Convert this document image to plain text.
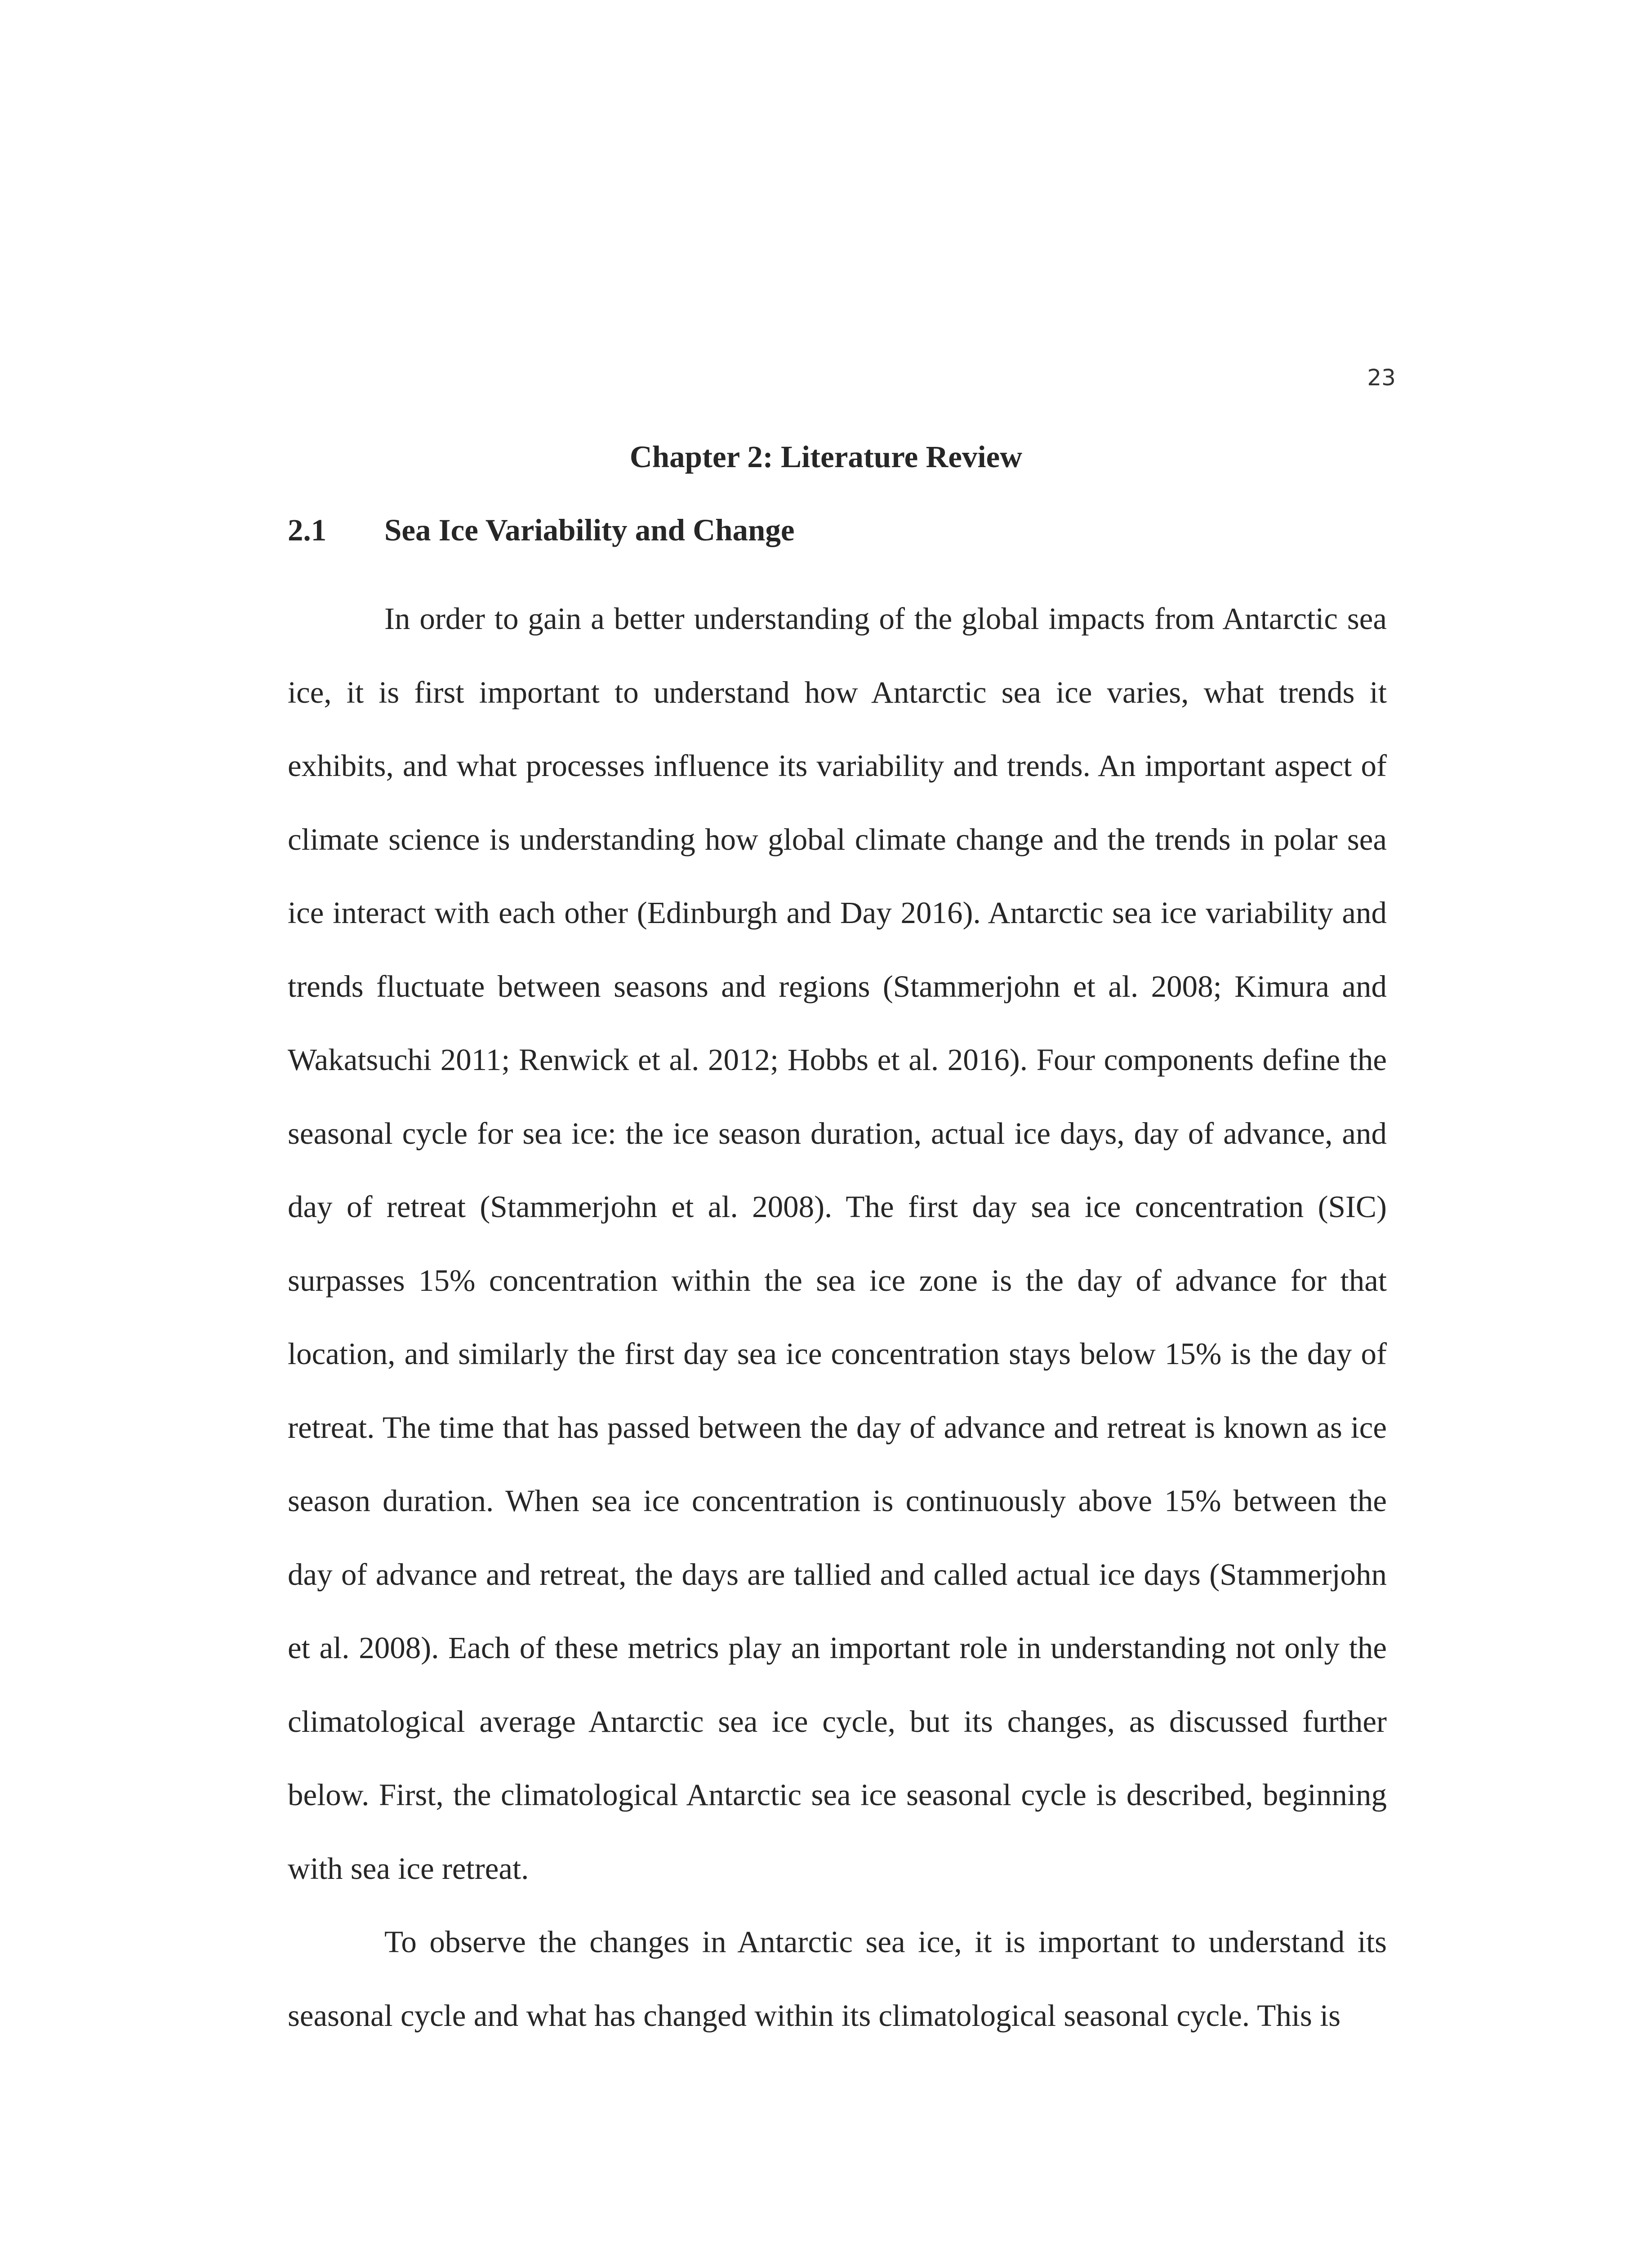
23
Chapter 2: Literature Review
2.1 Sea Ice Variability and Change

In order to gain a better understanding of the global impacts from Antarctic sea ice, it is first important to understand how Antarctic sea ice varies, what trends it exhibits, and what processes influence its variability and trends. An important aspect of climate science is understanding how global climate change and the trends in polar sea ice interact with each other (Edinburgh and Day 2016). Antarctic sea ice variability and trends fluctuate between seasons and regions (Stammerjohn et al. 2008; Kimura and Wakatsuchi 2011; Renwick et al. 2012; Hobbs et al. 2016). Four components define the seasonal cycle for sea ice: the ice season duration, actual ice days, day of advance, and day of retreat (Stammerjohn et al. 2008). The first day sea ice concentration (SIC) surpasses 15% concentration within the sea ice zone is the day of advance for that location, and similarly the first day sea ice concentration stays below 15% is the day of retreat. The time that has passed between the day of advance and retreat is known as ice season duration. When sea ice concentration is continuously above 15% between the day of advance and retreat, the days are tallied and called actual ice days (Stammerjohn et al. 2008). Each of these metrics play an important role in understanding not only the climatological average Antarctic sea ice cycle, but its changes, as discussed further below. First, the climatological Antarctic sea ice seasonal cycle is described, beginning with sea ice retreat.

To observe the changes in Antarctic sea ice, it is important to understand its seasonal cycle and what has changed within its climatological seasonal cycle. This is
